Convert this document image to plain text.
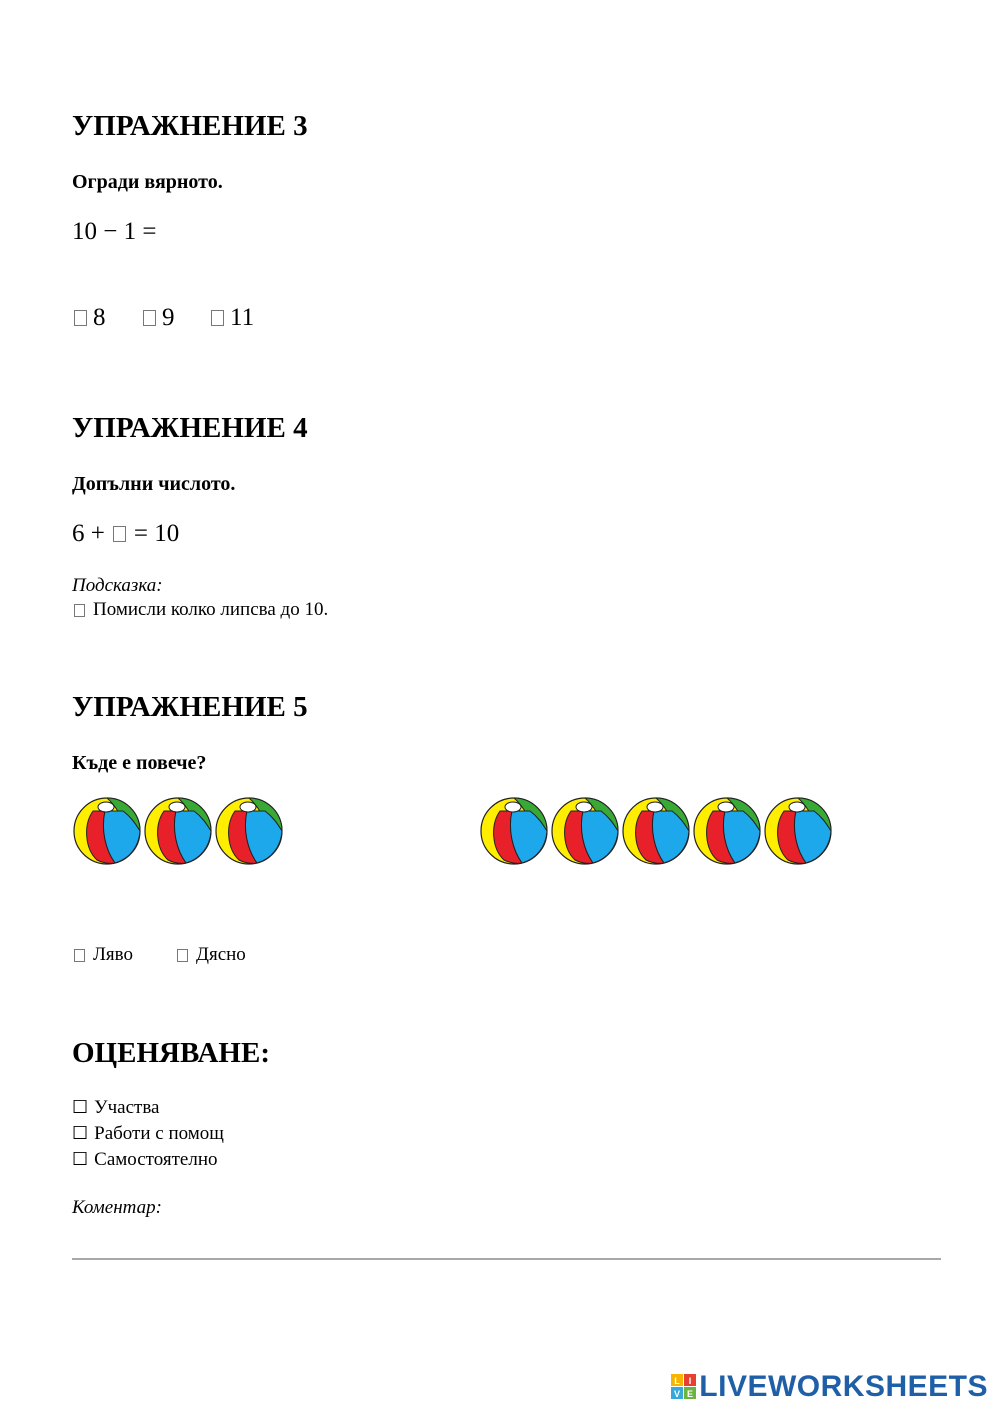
УПРАЖНЕНИЕ 3
Огради вярното.
10 − 1 =
8 9 11
УПРАЖНЕНИЕ 4
Допълни числото.
6 + = 10
Подсказка:
Помисли колко липсва до 10.
УПРАЖНЕНИЕ 5
Къде е повече?
Ляво	Дясно
ОЦЕНЯВАНЕ:
☐ Участва
☐ Работи с помощ
☐ Самостоятелно
Коментар:
L I
V E LIVEWORKSHEETS
